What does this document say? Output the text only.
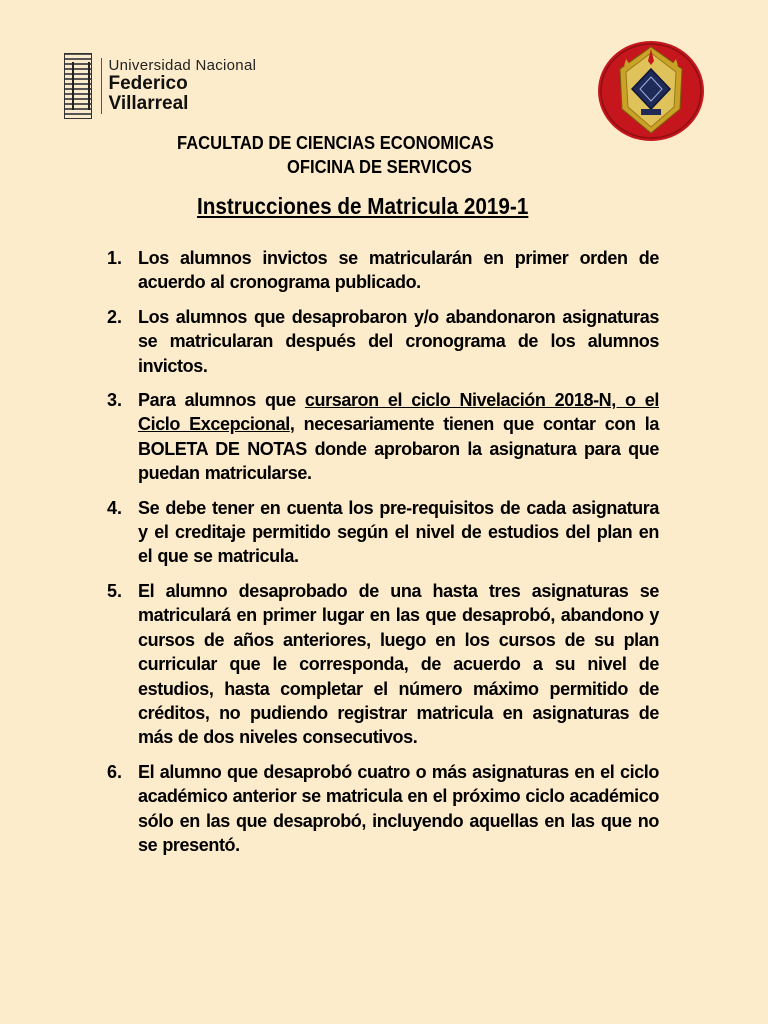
Universidad Nacional
Federico Villarreal
FACULTAD DE CIENCIAS ECONOMICAS
OFICINA DE SERVICOS
Instrucciones de Matricula 2019-1
1. Los alumnos invictos se matricularán en primer orden de acuerdo al cronograma publicado.
2. Los alumnos que desaprobaron y/o abandonaron asignaturas se matricularan después del cronograma de los alumnos invictos.
3. Para alumnos que cursaron el ciclo Nivelación 2018-N, o el Ciclo Excepcional, necesariamente tienen que contar con la BOLETA DE NOTAS donde aprobaron la asignatura para que puedan matricularse.
4. Se debe tener en cuenta los pre-requisitos de cada asignatura y el creditaje permitido según el nivel de estudios del plan en el que se matricula.
5. El alumno desaprobado de una hasta tres asignaturas se matriculará en primer lugar en las que desaprobó, abandono y cursos de años anteriores, luego en los cursos de su plan curricular que le corresponda, de acuerdo a su nivel de estudios, hasta completar el número máximo permitido de créditos, no pudiendo registrar matricula en asignaturas de más de dos niveles consecutivos.
6. El alumno que desaprobó cuatro o más asignaturas en el ciclo académico anterior se matricula en el próximo ciclo académico sólo en las que desaprobó, incluyendo aquellas en las que no se presentó.
